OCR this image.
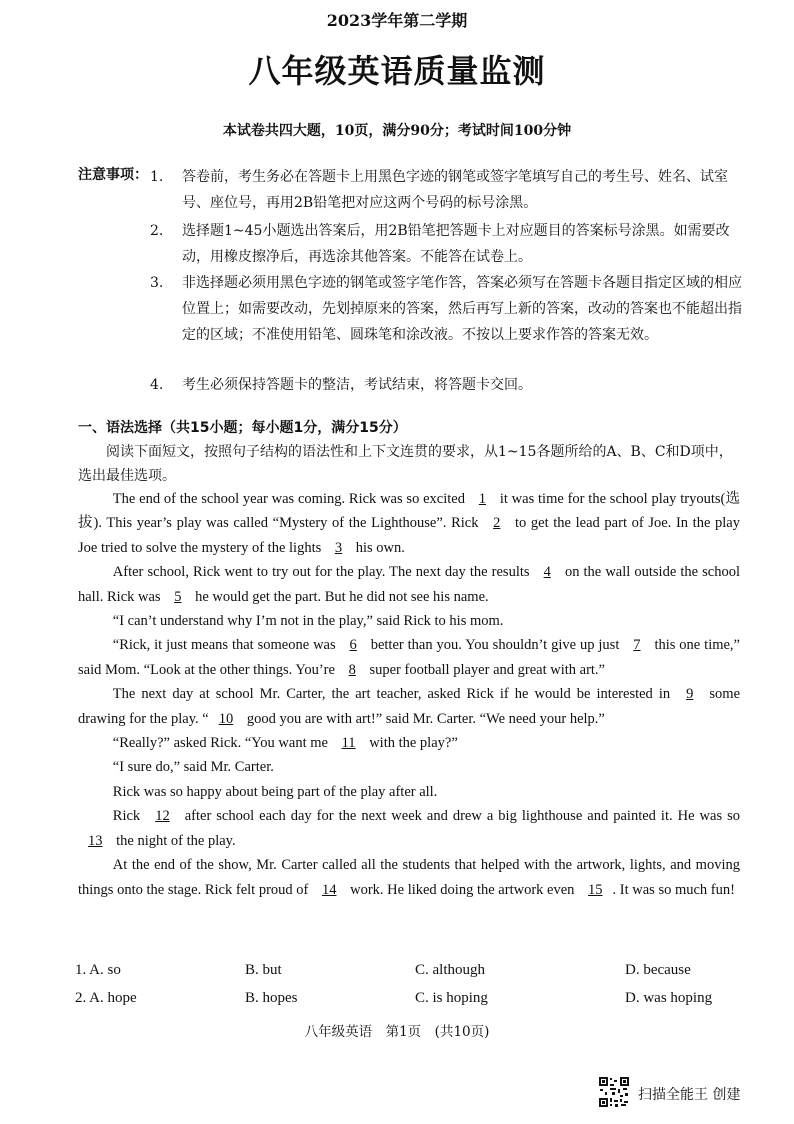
2023学年第二学期
八年级英语质量监测
本试卷共四大题，10页，满分90分；考试时间100分钟
注意事项： 1.	答卷前，考生务必在答题卡上用黑色字迹的钢笔或签字笔填写自己的考生号、姓名、试室号、座位号，再用2B铅笔把对应这两个号码的标号涂黑。
2.	选择题1~45小题选出答案后，用2B铅笔把答题卡上对应题目的答案标号涂黑。如需要改动，用橡皮擦净后，再选涂其他答案。不能答在试卷上。
3.	非选择题必须用黑色字迹的钢笔或签字笔作答，答案必须写在答题卡各题目指定区域的相应位置上；如需要改动，先划掉原来的答案，然后再写上新的答案，改动的答案也不能超出指定的区域；不准使用铅笔、圆珠笔和涂改液。不按以上要求作答的答案无效。
4.	考生必须保持答题卡的整洁，考试结束，将答题卡交回。
一、语法选择（共15小题；每小题1分，满分15分）
阅读下面短文，按照句子结构的语法性和上下文连贯的要求，从1~15各题所给的A、B、C和D项中，选出最佳选项。

The end of the school year was coming. Rick was so excited 1 it was time for the school play tryouts(选拔). This year’s play was called “Mystery of the Lighthouse”. Rick 2 to get the lead part of Joe. In the play Joe tried to solve the mystery of the lights 3 his own.

After school, Rick went to try out for the play. The next day the results 4 on the wall outside the school hall. Rick was 5 he would get the part. But he did not see his name.

“I can’t understand why I’m not in the play,” said Rick to his mom.

“Rick, it just means that someone was 6 better than you. You shouldn’t give up just 7 this one time,” said Mom. “Look at the other things. You’re 8 super football player and great with art.”

The next day at school Mr. Carter, the art teacher, asked Rick if he would be interested in 9 some drawing for the play. “ 10 good you are with art!” said Mr. Carter. “We need your help.”

“Really?” asked Rick. “You want me 11 with the play?”

“I sure do,” said Mr. Carter.

Rick was so happy about being part of the play after all.

Rick 12 after school each day for the next week and drew a big lighthouse and painted it. He was so 13 the night of the play.

At the end of the show, Mr. Carter called all the students that helped with the artwork, lights, and moving things onto the stage. Rick felt proud of 14 work. He liked doing the artwork even 15 . It was so much fun!

1. A. so	B. but	C. although	D. because
2. A. hope	B. hopes	C. is hoping	D. was hoping
八年级英语　第1页　(共10页)
扫描全能王 创建
